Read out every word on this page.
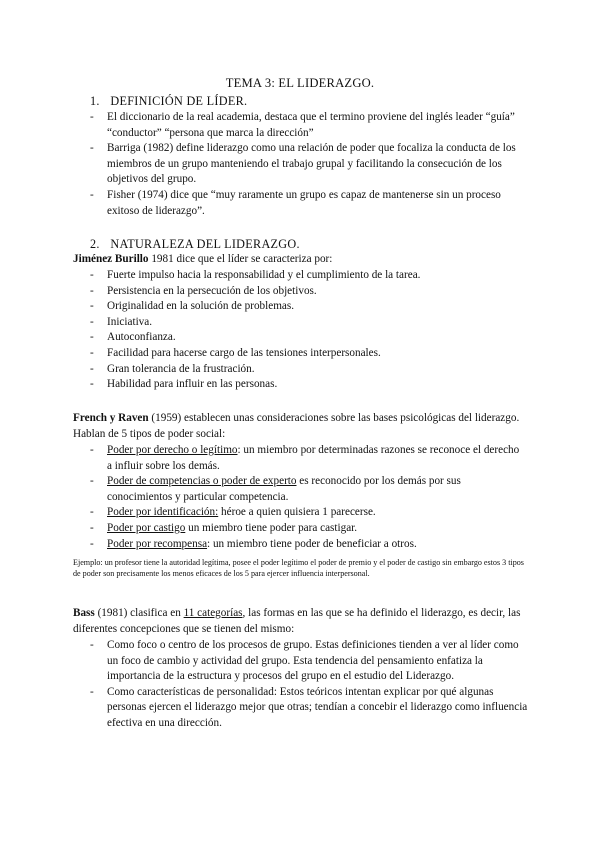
TEMA 3: EL LIDERAZGO.
1. DEFINICIÓN DE LÍDER.
- El diccionario de la real academia, destaca que el termino proviene del inglés leader “guía” “conductor” “persona que marca la dirección”
- Barriga (1982) define liderazgo como una relación de poder que focaliza la conducta de los miembros de un grupo manteniendo el trabajo grupal y facilitando la consecución de los objetivos del grupo.
- Fisher (1974) dice que “muy raramente un grupo es capaz de mantenerse sin un proceso exitoso de liderazgo”.
2. NATURALEZA DEL LIDERAZGO.
Jiménez Burillo 1981 dice que el líder se caracteriza por:
- Fuerte impulso hacia la responsabilidad y el cumplimiento de la tarea.
- Persistencia en la persecución de los objetivos.
- Originalidad en la solución de problemas.
- Iniciativa.
- Autoconfianza.
- Facilidad para hacerse cargo de las tensiones interpersonales.
- Gran tolerancia de la frustración.
- Habilidad para influir en las personas.
French y Raven (1959) establecen unas consideraciones sobre las bases psicológicas del liderazgo. Hablan de 5 tipos de poder social:
- Poder por derecho o legítimo: un miembro por determinadas razones se reconoce el derecho a influir sobre los demás.
- Poder de competencias o poder de experto es reconocido por los demás por sus conocimientos y particular competencia.
- Poder por identificación: héroe a quien quisiera 1 parecerse.
- Poder por castigo un miembro tiene poder para castigar.
- Poder por recompensa: un miembro tiene poder de beneficiar a otros.
Ejemplo: un profesor tiene la autoridad legítima, posee el poder legítimo el poder de premio y el poder de castigo sin embargo estos 3 tipos de poder son precisamente los menos eficaces de los 5 para ejercer influencia interpersonal.
Bass (1981) clasifica en 11 categorías, las formas en las que se ha definido el liderazgo, es decir, las diferentes concepciones que se tienen del mismo:
- Como foco o centro de los procesos de grupo. Estas definiciones tienden a ver al líder como un foco de cambio y actividad del grupo. Esta tendencia del pensamiento enfatiza la importancia de la estructura y procesos del grupo en el estudio del Liderazgo.
- Como características de personalidad: Estos teóricos intentan explicar por qué algunas personas ejercen el liderazgo mejor que otras; tendían a concebir el liderazgo como influencia efectiva en una dirección.
